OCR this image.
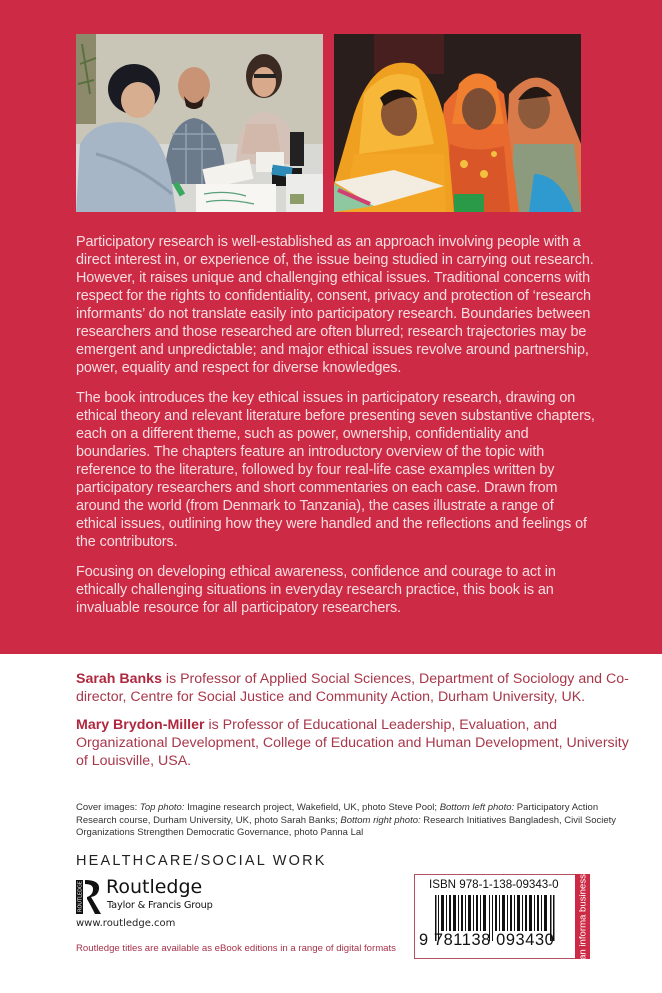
Participatory research is well-established as an approach involving people with a direct interest in, or experience of, the issue being studied in carrying out research. However, it raises unique and challenging ethical issues. Traditional concerns with respect for the rights to confidentiality, consent, privacy and protection of ‘research informants’ do not translate easily into participatory research. Boundaries between researchers and those researched are often blurred; research trajectories may be emergent and unpredictable; and major ethical issues revolve around partnership, power, equality and respect for diverse knowledges.

The book introduces the key ethical issues in participatory research, drawing on ethical theory and relevant literature before presenting seven substantive chapters, each on a different theme, such as power, ownership, confidentiality and boundaries. The chapters feature an introductory overview of the topic with reference to the literature, followed by four real-life case examples written by participatory researchers and short commentaries on each case. Drawn from around the world (from Denmark to Tanzania), the cases illustrate a range of ethical issues, outlining how they were handled and the reflections and feelings of the contributors.

Focusing on developing ethical awareness, confidence and courage to act in ethically challenging situations in everyday research practice, this book is an invaluable resource for all participatory researchers.

Sarah Banks is Professor of Applied Social Sciences, Department of Sociology and Co-director, Centre for Social Justice and Community Action, Durham University, UK.

Mary Brydon-Miller is Professor of Educational Leadership, Evaluation, and Organizational Development, College of Education and Human Development, University of Louisville, USA.

Cover images: Top photo: Imagine research project, Wakefield, UK, photo Steve Pool; Bottom left photo: Participatory Action Research course, Durham University, UK, photo Sarah Banks; Bottom right photo: Research Initiatives Bangladesh, Civil Society Organizations Strengthen Democratic Governance, photo Panna Lal
HEALTHCARE/SOCIAL WORK
ROUTLEDGE Routledge
Taylor & Francis Group
www.routledge.com
Routledge titles are available as eBook editions in a range of digital formats
ISBN 978-1-138-09343-0
9 781138 093430 an informa business
